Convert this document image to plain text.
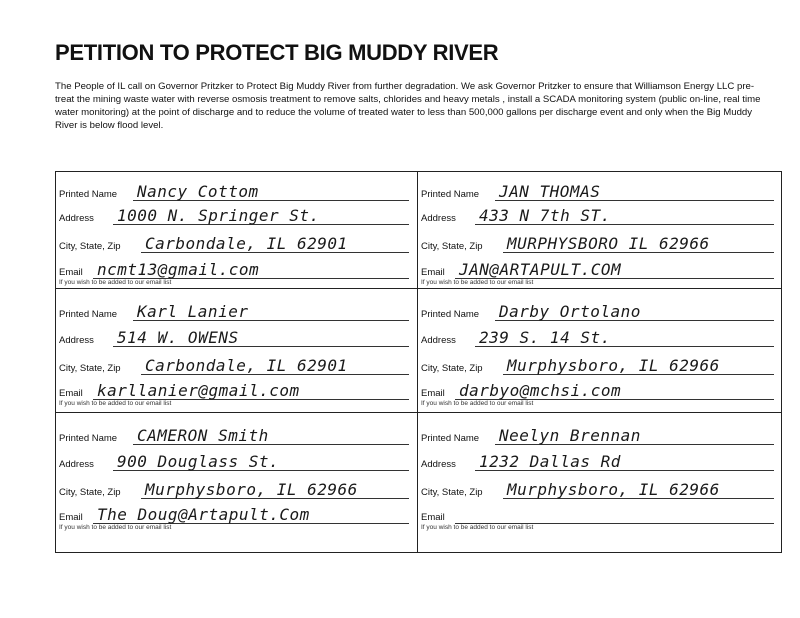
PETITION TO PROTECT BIG MUDDY RIVER

The People of IL call on Governor Pritzker to Protect Big Muddy River from further degradation. We ask Governor Pritzker to ensure that Williamson Energy LLC pre- treat the mining waste water with reverse osmosis treatment to remove salts, chlorides and heavy metals , install a SCADA monitoring system (public on-line, real time water monitoring) at the point of discharge and to reduce the volume of treated water to less than 500,000 gallons per discharge event and only when the Big Muddy River is below flood level.

Printed Name Nancy Cottom
Address 1000 N. Springer St.
City, State, Zip Carbondale, IL 62901
Email ncmt13@gmail.com
If you wish to be added to our email list
Printed Name JAN THOMAS
Address 433 N 7th ST.
City, State, Zip MURPHYSBORO IL 62966
Email JAN@ARTAPULT.COM
If you wish to be added to our email list
Printed Name Karl Lanier
Address 514 W. OWENS
City, State, Zip Carbondale, IL 62901
Email karllanier@gmail.com
If you wish to be added to our email list
Printed Name Darby Ortolano
Address 239 S. 14 St.
City, State, Zip Murphysboro, IL 62966
Email darbyo@mchsi.com
If you wish to be added to our email list
Printed Name CAMERON Smith
Address 900 Douglass St.
City, State, Zip Murphysboro, IL 62966
Email The Doug@Artapult.Com
If you wish to be added to our email list
Printed Name Neelyn Brennan
Address 1232 Dallas Rd
City, State, Zip Murphysboro, IL 62966
Email
If you wish to be added to our email list
